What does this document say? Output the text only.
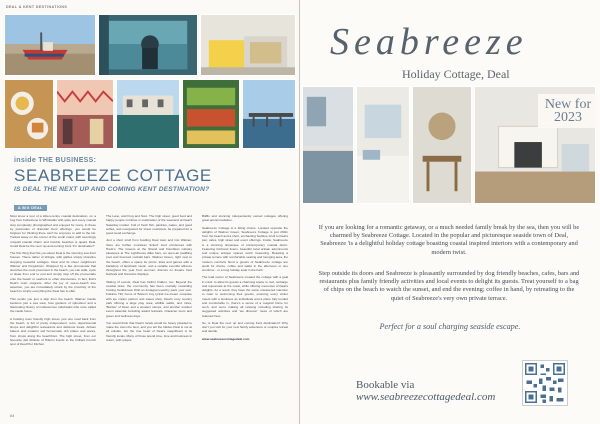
DEAL & KENT DESTINATIONS
inside THE BUSINESS:
SEABREEZE COTTAGE
IS DEAL THE NEXT UP AND COMING KENT DESTINATION?
A BIG DEAL

Most know a tour of a kitten-centre coastal destination, on a hog from Folkestone to Whitstable with quite and every coastal stop completely photographed and enjoyed for many. In these by postcodes of dramatic Kent offerings, you would be forgiven for thinking there can't be anymore to add to the list. Tucked away on the corner of the south coast, with seemingly unspoilt coastal charm and humble beaches is quaint Deal. Could Deal be the next 'up-and-coming' Kent 'it's' destination?

The first thing that hits you about Deal is the stunning sea-front houses. These rather of shingle, with gables simply shoreline stopping beautiful cottages. Deal and its sheer neighbours Walmer and Kingsdown. Wrapped by a like promenade that stretches the most prominent in the beach, you can walk, cycle or skate from end to end and simply stop off the promenade onto the beach or seafront to other discoveries. In fact, that's Deal's main magnets. After the joy of sea-to-beach tree selection, you are immediately struck by the proximity of the beach to simply everything the Deal has to offer.

This sends you just a skip from the beach. Walmer Castle beckons just a sea view, how gardens of splendour and a fascinating history of noblewomen individuals who once called the castle home.

A bustling town friendly high street, just one road back from the beach, is full of pretty independent, retro, departmental shops and delightful restaurants and delicious treats. Artisan bakers and creators sell homemade rich plates and wares, from shops along the beachfront. The high street, from our favourite deli Attitude of Hillerin Foods to the brilliant brunch spot of Deal Pier Kitchen.

The Lane, and Frog and Scot. The high street, good food and happy people combine in celebration of the weekend at Deal's Saturday market. Full of fresh fish, pastries, cakes, and good coffee, and overgrazed for street musicians, be prepared for a good wood exchange.

Just a short stroll from bustling Deal town and into Walmer, there are further countless 'ticked' food condenses with Hank's. The Greens at the Strand and friendliest culinary pleasures at The Lighthouse Alike bars, an open-air paddling pool and licensed cocktail bars. Walmer Green, right next to the beach, offers a space for picnic, kites and games with a backdrop of landmark music, and a notable eventful alfresco throughout the year from summer, dismiss on theatre food festivals and fireworks displays.

Talking of events, Deal has further hidden, too. Beyond the coastal draw, the community has been crucially rewarding hosting Kettlebrook Wolf an Instagram-worthy pack your own. Folklore Hill, home of Botter's boy lyrical ice-cream complete with ice cream parlour and sweet shop. Deal's cosy country park offering a large play area, wildlife walks, and miles, 'Bunker' of Deal, and a wooden camps, and another outdoor event calendar including award festivals, character tours and green end wellness days.

You would think that Deal's locals would be heavy pleaded to make the town the best, and you tell the hidden Deal is not at all outside, but the true heart of Deal's magnificent is its friendly locals. Many of those spend time, time and business in return, with unique

B&Bs and stunning independently owned cottages offering great accommodation.

Seabreeze Cottage is a fitting choice. Located opposite the delights of Walmer Green, Seabreeze Cottage is just 200m from the beach and a short, enchanting bedtime stroll to Deal's pier, cafes, high street and event offerings. Inside, Seabreeze is a stunning showcase of contemporary coastal décor. Featuring full-hand linens, beautiful local artisan adornments and unique antique spaces worth treasuring. Boasting a private terrace with comfortable seating and lounging area, the modern comforts flood a guests of Seabreeze cottage are spoilt for choice, coffee and walks in the afternoon or one sunshine - or a long holiday soak in the bath.

The lead owner of Seabreeze created the cottage with a goal in mind: to allow its guests a charming space to rest, recharge and rejuvenate at the coast, while offering memories of Deal's delights. As a result, they have the same unwavered intention to cater to welcoming their guests, ensuring every visitor meets with a kindness as individuals and a place fully tended and comfortable is, there's a sense of a magical home for such, and we're making all relaxing including sharing its suggested activities and 'we discover' news of which are featured here.

So, is Deal the next up and coming Kent destination? Why don't you visit for your next family adventure or couples retreat and decide.

www.seabreezecottagedeal.com

64
Seabreeze
Holiday Cottage, Deal
New for
2023
If you are looking for a romantic getaway, or a much needed family break by the sea, then you will be charmed by Seabreeze Cottage. Located in the popular and picturesque seaside town of Deal, Seabreeze 'is a delightful holiday cottage boasting coastal inspired interiors with a contemporary and modern twist.
Step outside its doors and Seabreeze is pleasantly surrounded by dog friendly beaches, cafes, bars and restaurants plus family friendly activities and local events to delight its guests. Treat yourself to a bag of chips on the beach to watch the sunset, and end the evening; coffee in hand, by retreating to the quiet of Seabreeze's very own private terrace.
Perfect for a soul charging seaside escape.
Bookable via
www.seabreezecottagedeal.com
